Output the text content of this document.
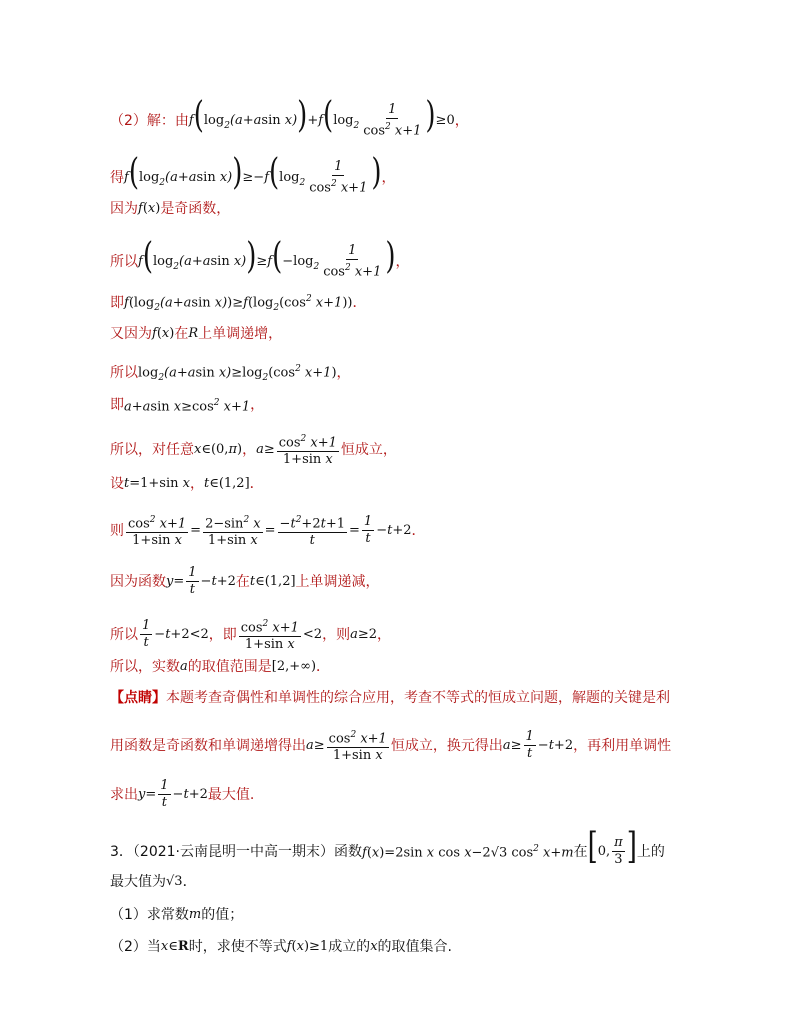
（2）解：由 $f(\log_2(a+asin$ $x))+f(\log_2 \frac{1}{\cos^2 x+1} )\ge 0$ ，
得 $f(\log_2(a+asin$ $x))\ge-f(\log_2 \frac{1}{\cos^2 x+1}$ ) ，
因为 f(x) 是奇函数，
所以 $f(\log_2(a+asin$ $x))\ge f(-\log_2 \frac{1}{\cos^2 x+1}$ ) ，
即 $f(\log_2(a+asin$ $x))\ge f(\log_2(\cos^2$ x+1)) ．
又因为 f(x) 在 R 上单调递增，
所以 $\log_2(a+asin$ $x)\ge\log_2(\cos^2$ x+1) ，
即 a+asin $x\ge\cos^2$ x+1 ，
所以，对任意 x∈(0,π) ， $a\ge \frac{\cos^2 x+1}{\text{1+sin x}}$ 恒成立，
设 t=1+sin x ， t∈(1,2] ．
则 $\frac{\cos^2 x+1}{\text{1+sin x}} = \frac{2-\sin^2 x}{\text{1+sin x}} = \frac{-t^2+2t+1}{t} = \frac{1}{t} -t+2$ ．
因为函数 $y= \frac{1}{t} -t+2$ 在 t∈(1,2] 上单调递减，
所以 $\frac{1}{t} -t+2<2$ ，即 $\frac{\cos^2 x+1}{\text{1+sin x}} <2$ ，则 a≥2 ，
所以，实数 a 的取值范围是 [2,+∞) ．
【点睛】 本题考查奇偶性和单调性的综合应用，考查不等式的恒成立问题，解题的关键是利
用函数是奇函数和单调递增得出 $a\ge \frac{\cos^2 x+1}{\text{1+sin x}}$ 恒成立，换元得出 $a\ge \frac{1}{t} -t+2$ ，再利用单调性
求出 $y= \frac{1}{t} -t+2$ 最大值.
3．（2021·云南昆明一中高一期末）函数 f(x)=2sin x cos x−2√3 $\cos^2 x+m$ 在 [0, $\frac{\pi}{3}$ ] 上的
最大值为 √3 ．
（1）求常数 m 的值；
（2）当 x∈R 时，求使不等式 f(x)≥1 成立的 x 的取值集合.
